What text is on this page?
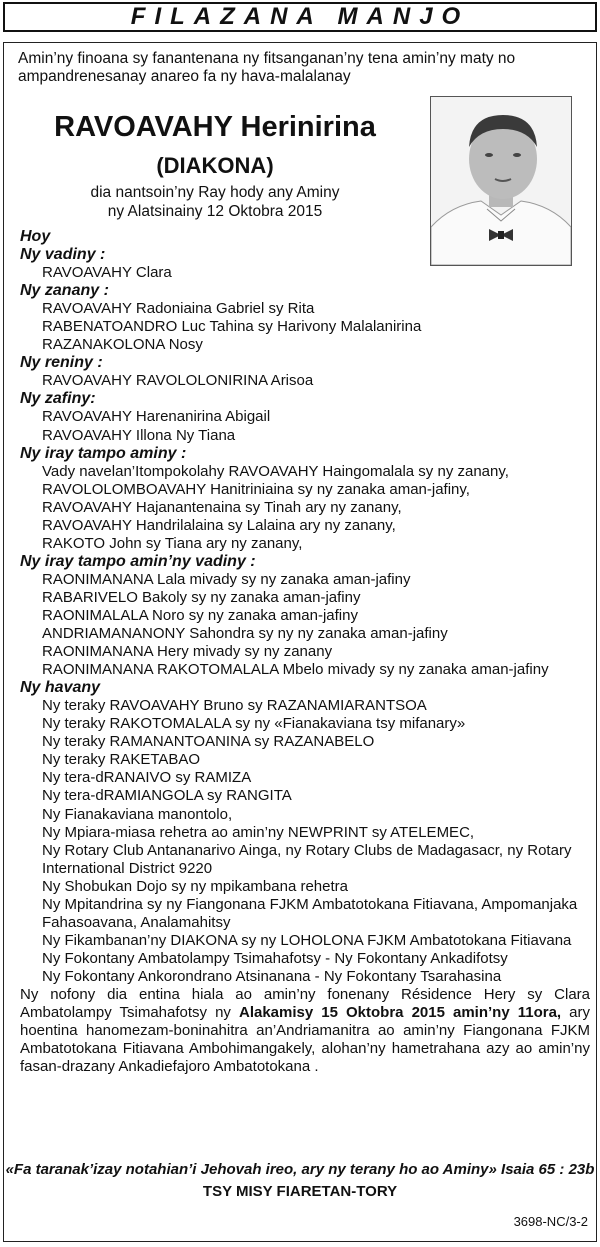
FILAZANA MANJO
Amin’ny finoana sy fanantenana ny fitsanganan’ny tena amin’ny maty no ampandrenesanay anareo fa ny hava-malalanay
RAVOAVAHY Herinirina
(DIAKONA)
dia nantsoin’ny Ray hody any Aminy
ny Alatsinainy 12 Oktobra 2015
Hoy
Ny vadiny :
RAVOAVAHY Clara
Ny zanany :
RAVOAVAHY Radoniaina Gabriel sy Rita
RABENATOANDRO Luc Tahina sy Harivony Malalanirina
RAZANAKOLONA Nosy
Ny reniny :
RAVOAVAHY RAVOLOLONIRINA Arisoa
Ny zafiny:
RAVOAVAHY Harenanirina Abigail
RAVOAVAHY Illona Ny Tiana
Ny iray tampo aminy :
Vady navelan’Itompokolahy RAVOAVAHY Haingomalala sy ny zanany,
RAVOLOLOMBOAVAHY Hanitriniaina sy ny zanaka aman-jafiny,
RAVOAVAHY Hajanantenaina sy Tinah ary ny zanany,
RAVOAVAHY Handrilalaina sy Lalaina ary ny zanany,
RAKOTO John sy Tiana ary ny zanany,
Ny iray tampo amin’ny vadiny :
RAONIMANANA Lala mivady sy ny zanaka aman-jafiny
RABARIVELO Bakoly sy ny zanaka aman-jafiny
RAONIMALALA Noro sy ny zanaka aman-jafiny
ANDRIAMANANONY Sahondra sy ny ny zanaka aman-jafiny
RAONIMANANA Hery mivady sy ny zanany
RAONIMANANA RAKOTOMALALA Mbelo mivady sy ny zanaka aman-jafiny
Ny havany
Ny teraky RAVOAVAHY Bruno sy RAZANAMIARANTSOA
Ny teraky RAKOTOMALALA sy ny «Fianakaviana tsy mifanary»
Ny teraky RAMANANTOANINA sy RAZANABELO
Ny teraky RAKETABAO
Ny tera-dRANAIVO sy RAMIZA
Ny tera-dRAMIANGOLA sy RANGITA
Ny Fianakaviana manontolo,
Ny Mpiara-miasa rehetra ao amin’ny NEWPRINT sy ATELEMEC,
Ny Rotary Club Antananarivo Ainga, ny Rotary Clubs de Madagasacr, ny Rotary International District 9220
Ny Shobukan Dojo sy ny mpikambana rehetra
Ny Mpitandrina sy ny Fiangonana FJKM Ambatotokana Fitiavana, Ampomanjaka Fahasoavana, Analamahitsy
Ny Fikambanan’ny DIAKONA sy ny LOHOLONA FJKM Ambatotokana Fitiavana
Ny Fokontany Ambatolampy Tsimahafotsy - Ny Fokontany Ankadifotsy
Ny Fokontany Ankorondrano Atsinanana - Ny Fokontany Tsarahasina
Ny nofony dia entina hiala ao amin’ny fonenany Résidence Hery sy Clara Ambatolampy Tsimahafotsy ny Alakamisy 15 Oktobra 2015 amin’ny 11ora, ary hoentina hanomezam-boninahitra an’Andriamanitra ao amin’ny Fiangonana FJKM Ambatotokana Fitiavana Ambohimangakely, alohan’ny hametrahana azy ao amin’ny fasan-drazany Ankadiefajoro Ambatotokana .
«Fa taranak’izay notahian’i Jehovah ireo, ary ny terany ho ao Aminy» Isaia 65 : 23b
TSY MISY FIARETAN-TORY
3698-NC/3-2
